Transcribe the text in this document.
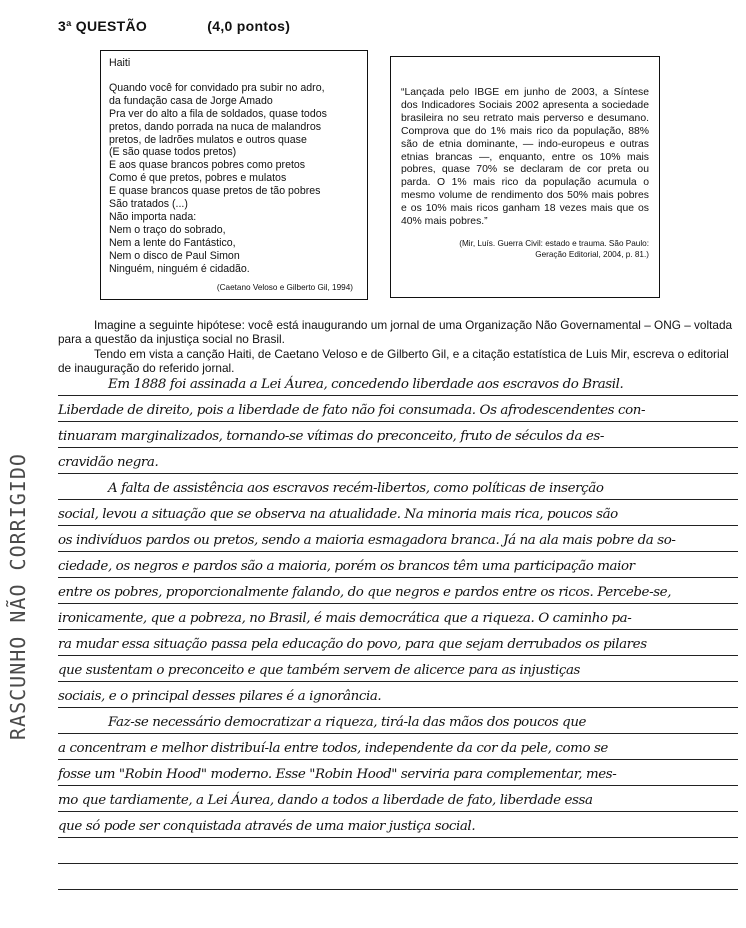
3ª QUESTÃO	(4,0 pontos)
Haiti
Quando você for convidado pra subir no adro,
da fundação casa de Jorge Amado
Pra ver do alto a fila de soldados, quase todos
pretos, dando porrada na nuca de malandros
pretos, de ladrões mulatos e outros quase
(E são quase todos pretos)
E aos quase brancos pobres como pretos
Como é que pretos, pobres e mulatos
E quase brancos quase pretos de tão pobres
São tratados (...)
Não importa nada:
Nem o traço do sobrado,
Nem a lente do Fantástico,
Nem o disco de Paul Simon
Ninguém, ninguém é cidadão.
(Caetano Veloso e Gilberto Gil, 1994)
“Lançada pelo IBGE em junho de 2003, a Síntese dos Indicadores Sociais 2002 apresenta a sociedade brasileira no seu retrato mais perverso e desumano. Comprova que do 1% mais rico da população, 88% são de etnia dominante, — indo-europeus e outras etnias brancas —, enquanto, entre os 10% mais pobres, quase 70% se declaram de cor preta ou parda. O 1% mais rico da população acumula o mesmo volume de rendimento dos 50% mais pobres e os 10% mais ricos ganham 18 vezes mais que os 40% mais pobres.”
(Mir, Luís. Guerra Civil: estado e trauma. São Paulo:
Geração Editorial, 2004, p. 81.)

Imagine a seguinte hipótese: você está inaugurando um jornal de uma Organização Não Governamental – ONG – voltada para a questão da injustiça social no Brasil.

Tendo em vista a canção Haiti, de Caetano Veloso e de Gilberto Gil, e a citação estatística de Luis Mir, escreva o editorial de inauguração do referido jornal.

RASCUNHO NÃO CORRIGIDO
Em 1888 foi assinada a Lei Áurea, concedendo liberdade aos escravos do Brasil.
Liberdade de direito, pois a liberdade de fato não foi consumada. Os afrodescendentes con-
tinuaram marginalizados, tornando-se vítimas do preconceito, fruto de séculos da es-
cravidão negra.
A falta de assistência aos escravos recém-libertos, como políticas de inserção
social, levou a situação que se observa na atualidade. Na minoria mais rica, poucos são
os indivíduos pardos ou pretos, sendo a maioria esmagadora branca. Já na ala mais pobre da so-
ciedade, os negros e pardos são a maioria, porém os brancos têm uma participação maior
entre os pobres, proporcionalmente falando, do que negros e pardos entre os ricos. Percebe-se,
ironicamente, que a pobreza, no Brasil, é mais democrática que a riqueza. O caminho pa-
ra mudar essa situação passa pela educação do povo, para que sejam derrubados os pilares
que sustentam o preconceito e que também servem de alicerce para as injustiças
sociais, e o principal desses pilares é a ignorância.
Faz-se necessário democratizar a riqueza, tirá-la das mãos dos poucos que
a concentram e melhor distribuí-la entre todos, independente da cor da pele, como se
fosse um "Robin Hood" moderno. Esse "Robin Hood" serviria para complementar, mes-
mo que tardiamente, a Lei Áurea, dando a todos a liberdade de fato, liberdade essa
que só pode ser conquistada através de uma maior justiça social.
